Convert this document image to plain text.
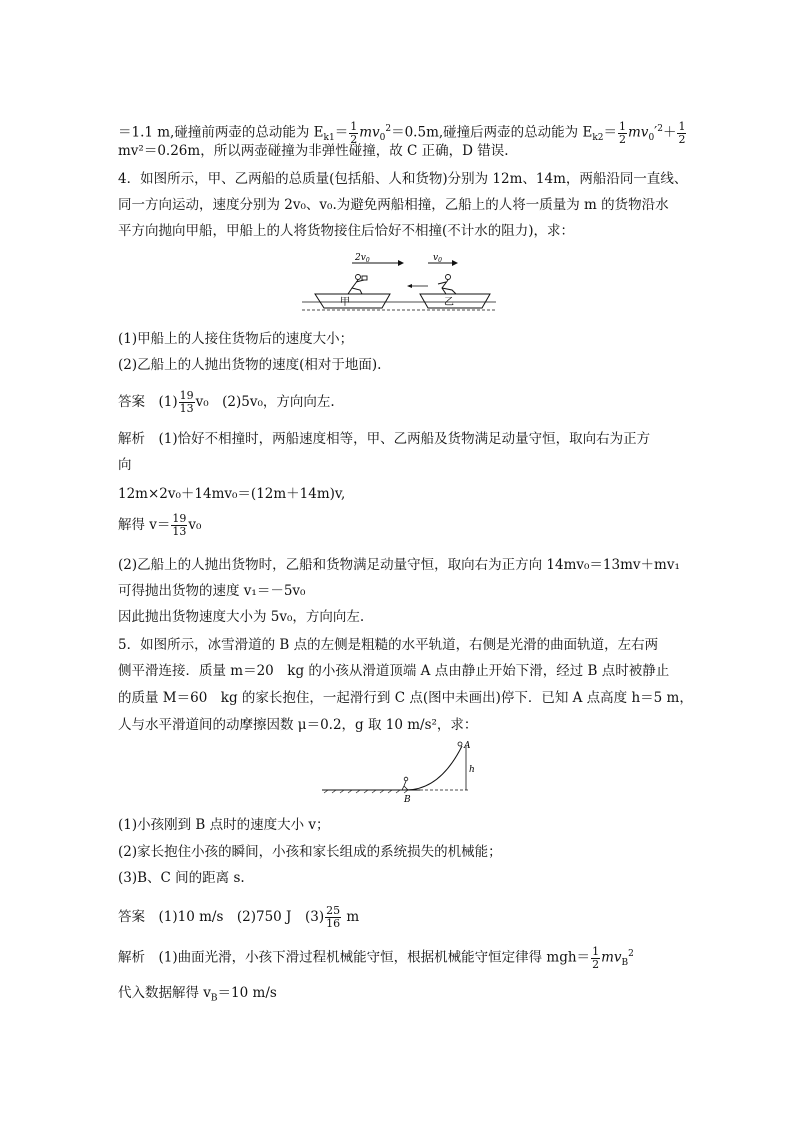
＝1.1 m,碰撞前两壶的总动能为 $E_{k1}= \frac{1}{2} mv_0^2=0.5m$,碰撞后两壶的总动能为 $E_{k2}= \frac{1}{2} mv_0'^2+ \frac{1}{2}$
mv²＝0.26m，所以两壶碰撞为非弹性碰撞，故 C 正确，D 错误.
4．如图所示，甲、乙两船的总质量(包括船、人和货物)分别为 12m、14m，两船沿同一直线、
同一方向运动，速度分别为 2v₀、v₀.为避免两船相撞，乙船上的人将一质量为 m 的货物沿水
平方向抛向甲船，甲船上的人将货物接住后恰好不相撞(不计水的阻力)，求：
$2v_0$	$v_0$
甲	乙
(1)甲船上的人接住货物后的速度大小；
(2)乙船上的人抛出货物的速度(相对于地面).
答案　$(1) \frac{19}{13} v_0$　(2)5v₀，方向向左.
解析　(1)恰好不相撞时，两船速度相等，甲、乙两船及货物满足动量守恒，取向右为正方
向
12m×2v₀＋14mv₀＝(12m＋14m)v,
解得 $v= \frac{19}{13} v_0$
(2)乙船上的人抛出货物时，乙船和货物满足动量守恒，取向右为正方向 14mv₀＝13mv＋mv₁
可得抛出货物的速度 v₁＝－5v₀
因此抛出货物速度大小为 5v₀，方向向左.
5．如图所示，冰雪滑道的 B 点的左侧是粗糙的水平轨道，右侧是光滑的曲面轨道，左右两
侧平滑连接．质量 m＝20　kg 的小孩从滑道顶端 A 点由静止开始下滑，经过 B 点时被静止
的质量 M＝60　kg 的家长抱住，一起滑行到 C 点(图中未画出)停下．已知 A 点高度 h＝5 m，
人与水平滑道间的动摩擦因数 μ＝0.2，g 取 10 m/s²，求：
A
B
h
(1)小孩刚到 B 点时的速度大小 v；
(2)家长抱住小孩的瞬间，小孩和家长组成的系统损失的机械能；
(3)B、C 间的距离 s.
答案　(1)10 m/s　(2)750 J　$(3) \frac{25}{16}$ m
解析　(1)曲面光滑，小孩下滑过程机械能守恒，根据机械能守恒定律得 $mgh= \frac{1}{2} mv_B^2$
代入数据解得 $v_B=10$ m/s
